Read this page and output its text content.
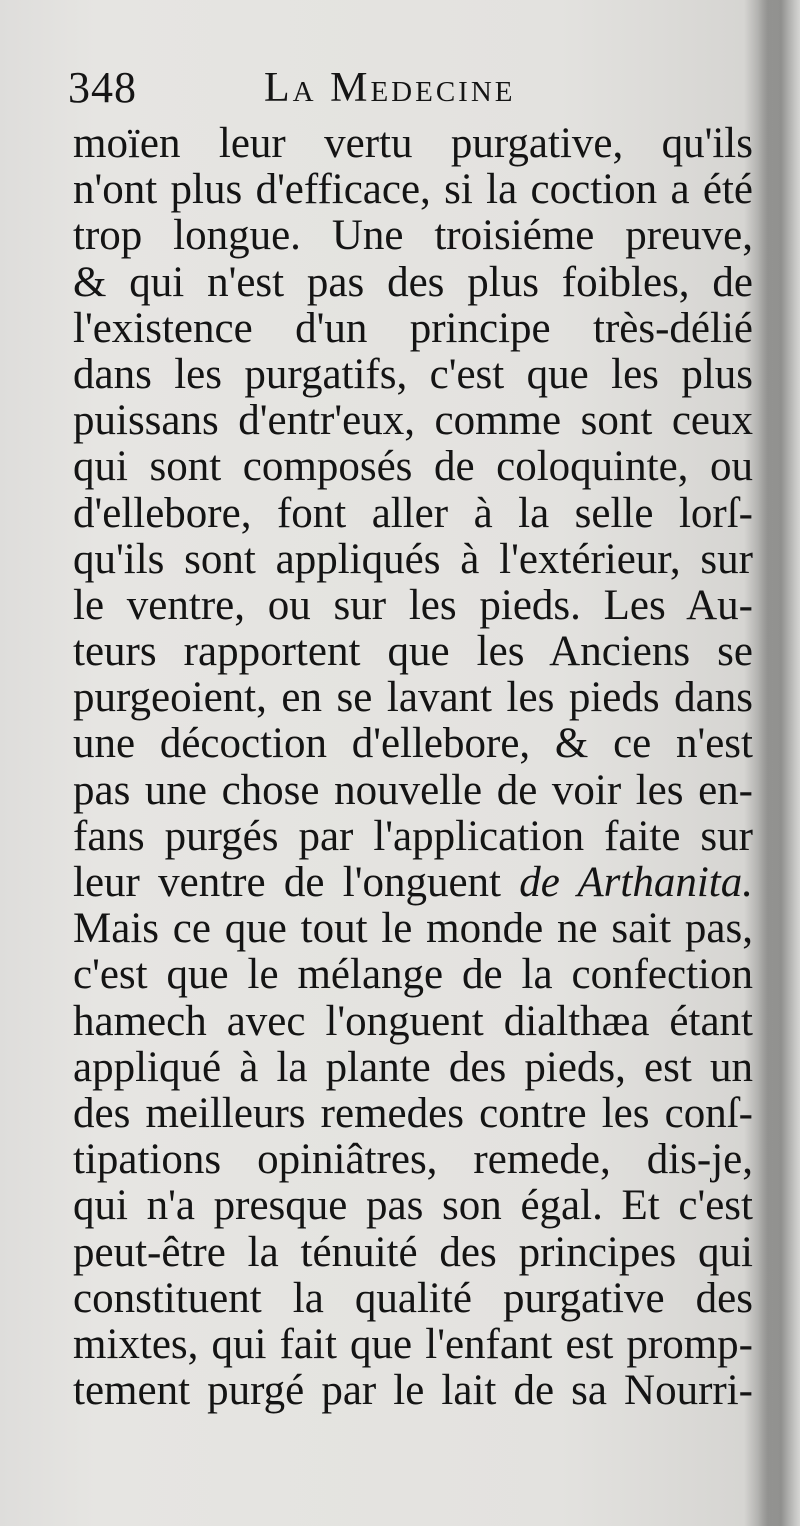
348	La Medecine
moïen leur vertu purgative, qu'ils
n'ont plus d'efficace, si la coction a été
trop longue. Une troisiéme preuve,
& qui n'est pas des plus foibles, de
l'existence d'un principe très-délié
dans les purgatifs, c'est que les plus
puissans d'entr'eux, comme sont ceux
qui sont composés de coloquinte, ou
d'ellebore, font aller à la selle lorſ-
qu'ils sont appliqués à l'extérieur, sur
le ventre, ou sur les pieds. Les Au-
teurs rapportent que les Anciens se
purgeoient, en se lavant les pieds dans
une décoction d'ellebore, & ce n'est
pas une chose nouvelle de voir les en-
fans purgés par l'application faite sur
leur ventre de l'onguent de Arthanita.
Mais ce que tout le monde ne sait pas,
c'est que le mélange de la confection
hamech avec l'onguent dialthæa étant
appliqué à la plante des pieds, est un
des meilleurs remedes contre les conſ-
tipations opiniâtres, remede, dis-je,
qui n'a presque pas son égal. Et c'est
peut-être la ténuité des principes qui
constituent la qualité purgative des
mixtes, qui fait que l'enfant est promp-
tement purgé par le lait de sa Nourri-
